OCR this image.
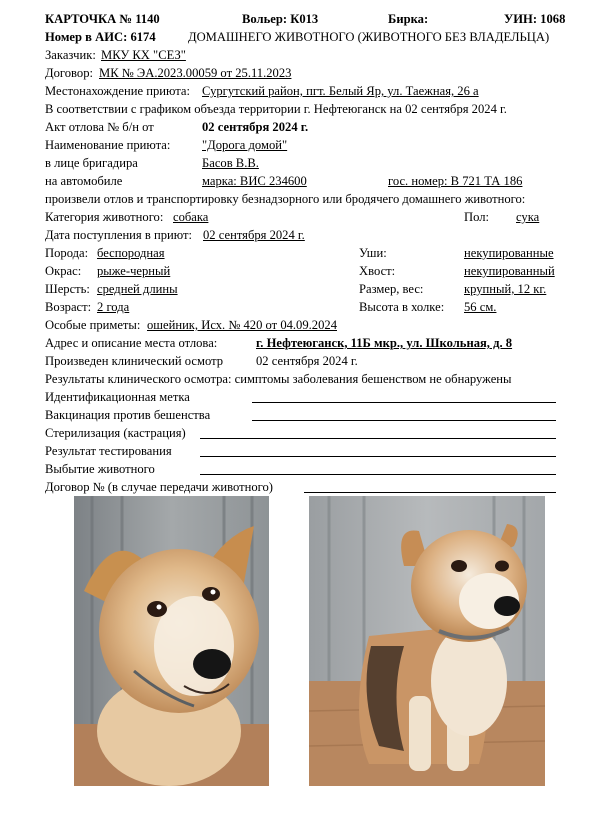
КАРТОЧКА № 1140	Вольер: К013	Бирка:	УИН: 1068
Номер в АИС: 6174	ДОМАШНЕГО ЖИВОТНОГО (ЖИВОТНОГО БЕЗ ВЛАДЕЛЬЦА)
Заказчик: МКУ КХ "СЕЗ"
Договор: МК № ЭА.2023.00059 от 25.11.2023
Местонахождение приюта: Сургутский район, пгт. Белый Яр, ул. Таежная, 26 а
В соответствии с графиком объезда территории г. Нефтеюганск на 02 сентября 2024 г.
Акт отлова № б/н от	02 сентября 2024 г.
Наименование приюта:	"Дорога домой"
в лице бригадира	Басов В.В.
на автомобиле	марка: ВИС 234600	гос. номер: В 721 ТА 186
произвели отлов и транспортировку безнадзорного или бродячего домашнего животного:
Категория животного: собака	Пол: сука
Дата поступления в приют: 02 сентября 2024 г.
Порода: беспородная	Уши:	некупированные
Окрас: рыже-черный	Хвост:	некупированный
Шерсть: средней длины	Размер, вес:	крупный, 12 кг.
Возраст: 2 года	Высота в холке: 56 см.
Особые приметы: ошейник, Исх. № 420 от 04.09.2024
Адрес и описание места отлова:	г. Нефтеюганск, 11Б мкр., ул. Школьная, д. 8
Произведен клинический осмотр	02 сентября 2024 г.
Результаты клинического осмотра: симптомы заболевания бешенством не обнаружены
Идентификационная метка
Вакцинация против бешенства
Стерилизация (кастрация)
Результат тестирования
Выбытие животного
Договор № (в случае передачи животного)
